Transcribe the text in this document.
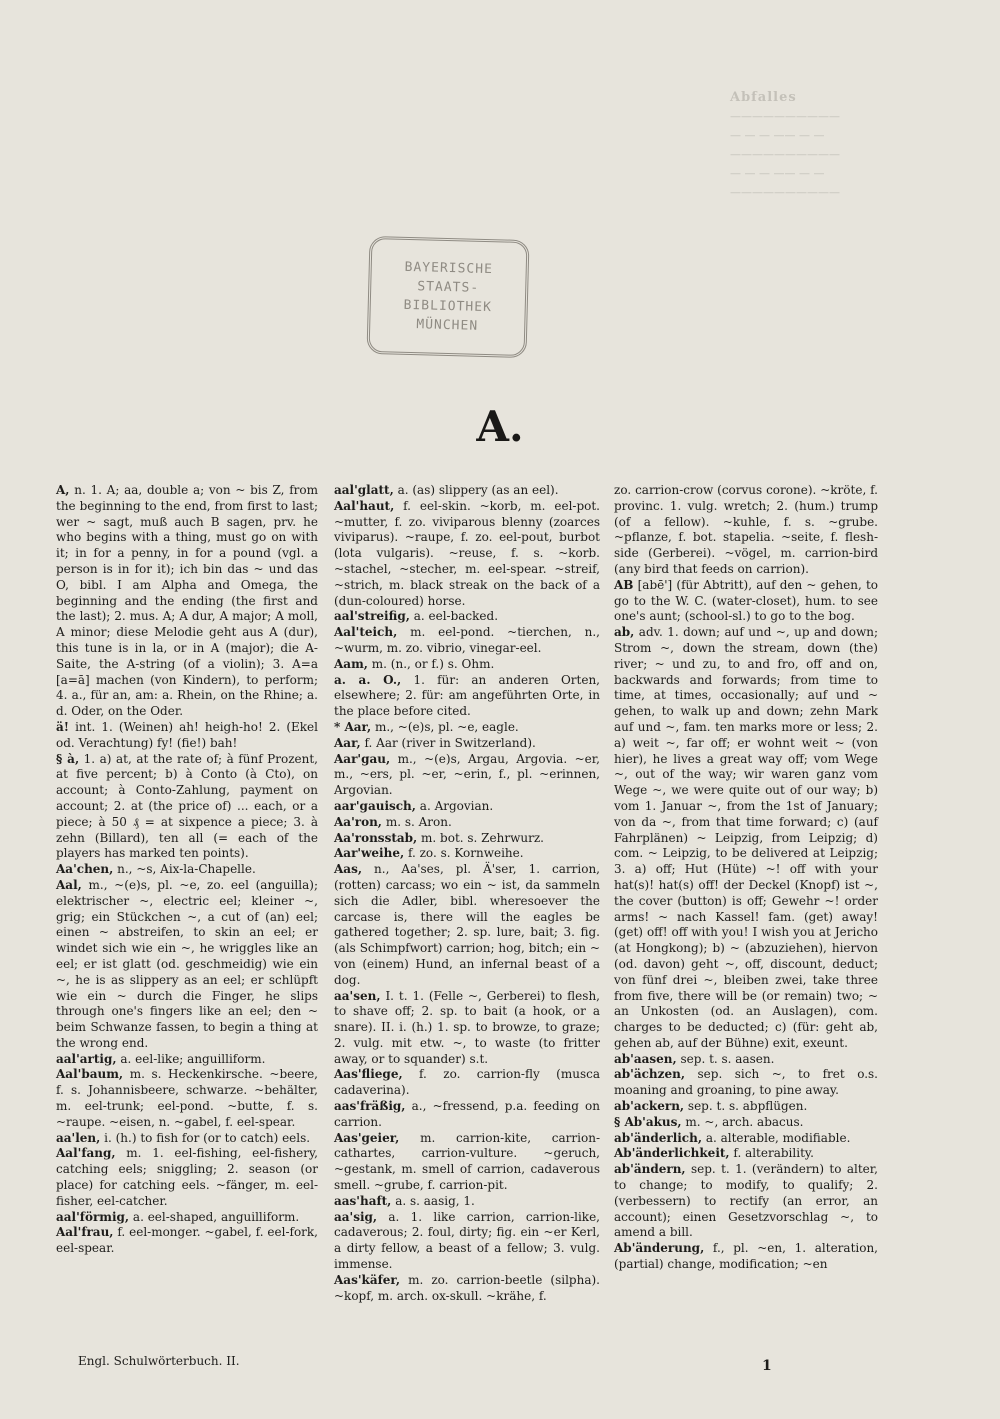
Abfalles
——————————
— — — —— — —
——————————
— — — —— — —
——————————
BAYERISCHE
STAATS-
BIBLIOTHEK
MÜNCHEN
A.

A, n. 1. A; aa, double a; von ~ bis Z, from the beginning to the end, from first to last; wer ~ sagt, muß auch B sagen, prv. he who begins with a thing, must go on with it; in for a penny, in for a pound (vgl. a person is in for it); ich bin das ~ und das O, bibl. I am Alpha and Omega, the beginning and the ending (the first and the last); 2. mus. A; A dur, A major; A moll, A minor; diese Melodie geht aus A (dur), this tune is in la, or in A (major); die A-Saite, the A-string (of a violin); 3. A=a [a=ā] machen (von Kindern), to perform; 4. a., für an, am: a. Rhein, on the Rhine; a. d. Oder, on the Oder.

ä! int. 1. (Weinen) ah! heigh-ho! 2. (Ekel od. Verachtung) fy! (fie!) bah!

§ à, 1. a) at, at the rate of; à fünf Prozent, at five percent; b) à Conto (à Cto), on account; à Conto-Zahlung, payment on account; 2. at (the price of) ... each, or a piece; à 50 ₰ = at sixpence a piece; 3. à zehn (Billard), ten all (= each of the players has marked ten points).

Aa'chen, n., ~s, Aix-la-Chapelle.

Aal, m., ~(e)s, pl. ~e, zo. eel (anguilla); elektrischer ~, electric eel; kleiner ~, grig; ein Stückchen ~, a cut of (an) eel; einen ~ abstreifen, to skin an eel; er windet sich wie ein ~, he wriggles like an eel; er ist glatt (od. geschmeidig) wie ein ~, he is as slippery as an eel; er schlüpft wie ein ~ durch die Finger, he slips through one's fingers like an eel; den ~ beim Schwanze fassen, to begin a thing at the wrong end.

aal'artig, a. eel-like; anguilliform.

Aal'baum, m. s. Heckenkirsche. ~beere, f. s. Johannisbeere, schwarze. ~behälter, m. eel-trunk; eel-pond. ~butte, f. s. ~raupe. ~eisen, n. ~gabel, f. eel-spear.

aa'len, i. (h.) to fish for (or to catch) eels.

Aal'fang, m. 1. eel-fishing, eel-fishery, catching eels; sniggling; 2. season (or place) for catching eels. ~fänger, m. eel-fisher, eel-catcher.

aal'förmig, a. eel-shaped, anguilliform.

Aal'frau, f. eel-monger. ~gabel, f. eel-fork, eel-spear.

aal'glatt, a. (as) slippery (as an eel).

Aal'haut, f. eel-skin. ~korb, m. eel-pot. ~mutter, f. zo. viviparous blenny (zoarces viviparus). ~raupe, f. zo. eel-pout, burbot (lota vulgaris). ~reuse, f. s. ~korb. ~stachel, ~stecher, m. eel-spear. ~streif, ~strich, m. black streak on the back of a (dun-coloured) horse.

aal'streifig, a. eel-backed.

Aal'teich, m. eel-pond. ~tierchen, n., ~wurm, m. zo. vibrio, vinegar-eel.

Aam, m. (n., or f.) s. Ohm.

a. a. O., 1. für: an anderen Orten, elsewhere; 2. für: am angeführten Orte, in the place before cited.

* Aar, m., ~(e)s, pl. ~e, eagle.

Aar, f. Aar (river in Switzerland).

Aar'gau, m., ~(e)s, Argau, Argovia. ~er, m., ~ers, pl. ~er, ~erin, f., pl. ~erinnen, Argovian.

aar'gauisch, a. Argovian.

Aa'ron, m. s. Aron.

Aa'ronsstab, m. bot. s. Zehrwurz.

Aar'weihe, f. zo. s. Kornweihe.

Aas, n., Aa'ses, pl. Ä'ser, 1. carrion, (rotten) carcass; wo ein ~ ist, da sammeln sich die Adler, bibl. wheresoever the carcase is, there will the eagles be gathered together; 2. sp. lure, bait; 3. fig. (als Schimpfwort) carrion; hog, bitch; ein ~ von (einem) Hund, an infernal beast of a dog.

aa'sen, I. t. 1. (Felle ~, Gerberei) to flesh, to shave off; 2. sp. to bait (a hook, or a snare). II. i. (h.) 1. sp. to browze, to graze; 2. vulg. mit etw. ~, to waste (to fritter away, or to squander) s.t.

Aas'fliege, f. zo. carrion-fly (musca cadaverina).

aas'fräßig, a., ~fressend, p.a. feeding on carrion.

Aas'geier, m. carrion-kite, carrion-cathartes, carrion-vulture. ~geruch, ~gestank, m. smell of carrion, cadaverous smell. ~grube, f. carrion-pit.

aas'haft, a. s. aasig, 1.

aa'sig, a. 1. like carrion, carrion-like, cadaverous; 2. foul, dirty; fig. ein ~er Kerl, a dirty fellow, a beast of a fellow; 3. vulg. immense.

Aas'käfer, m. zo. carrion-beetle (silpha). ~kopf, m. arch. ox-skull. ~krähe, f.

zo. carrion-crow (corvus corone). ~kröte, f. provinc. 1. vulg. wretch; 2. (hum.) trump (of a fellow). ~kuhle, f. s. ~grube. ~pflanze, f. bot. stapelia. ~seite, f. flesh-side (Gerberei). ~vögel, m. carrion-bird (any bird that feeds on carrion).

AB [abē'] (für Abtritt), auf den ~ gehen, to go to the W. C. (water-closet), hum. to see one's aunt; (school-sl.) to go to the bog.

ab, adv. 1. down; auf und ~, up and down; Strom ~, down the stream, down (the) river; ~ und zu, to and fro, off and on, backwards and forwards; from time to time, at times, occasionally; auf und ~ gehen, to walk up and down; zehn Mark auf und ~, fam. ten marks more or less; 2. a) weit ~, far off; er wohnt weit ~ (von hier), he lives a great way off; vom Wege ~, out of the way; wir waren ganz vom Wege ~, we were quite out of our way; b) vom 1. Januar ~, from the 1st of January; von da ~, from that time forward; c) (auf Fahrplänen) ~ Leipzig, from Leipzig; d) com. ~ Leipzig, to be delivered at Leipzig; 3. a) off; Hut (Hüte) ~! off with your hat(s)! hat(s) off! der Deckel (Knopf) ist ~, the cover (button) is off; Gewehr ~! order arms! ~ nach Kassel! fam. (get) away! (get) off! off with you! I wish you at Jericho (at Hongkong); b) ~ (abzuziehen), hiervon (od. davon) geht ~, off, discount, deduct; von fünf drei ~, bleiben zwei, take three from five, there will be (or remain) two; ~ an Unkosten (od. an Auslagen), com. charges to be deducted; c) (für: geht ab, gehen ab, auf der Bühne) exit, exeunt.

ab'aasen, sep. t. s. aasen.

ab'ächzen, sep. sich ~, to fret o.s. moaning and groaning, to pine away.

ab'ackern, sep. t. s. abpflügen.

§ Ab'akus, m. ~, arch. abacus.

ab'änderlich, a. alterable, modifiable.

Ab'änderlichkeit, f. alterability.

ab'ändern, sep. t. 1. (verändern) to alter, to change; to modify, to qualify; 2. (verbessern) to rectify (an error, an account); einen Gesetzvorschlag ~, to amend a bill.

Ab'änderung, f., pl. ~en, 1. alteration, (partial) change, modification; ~en

Engl. Schulwörterbuch. II.	1
